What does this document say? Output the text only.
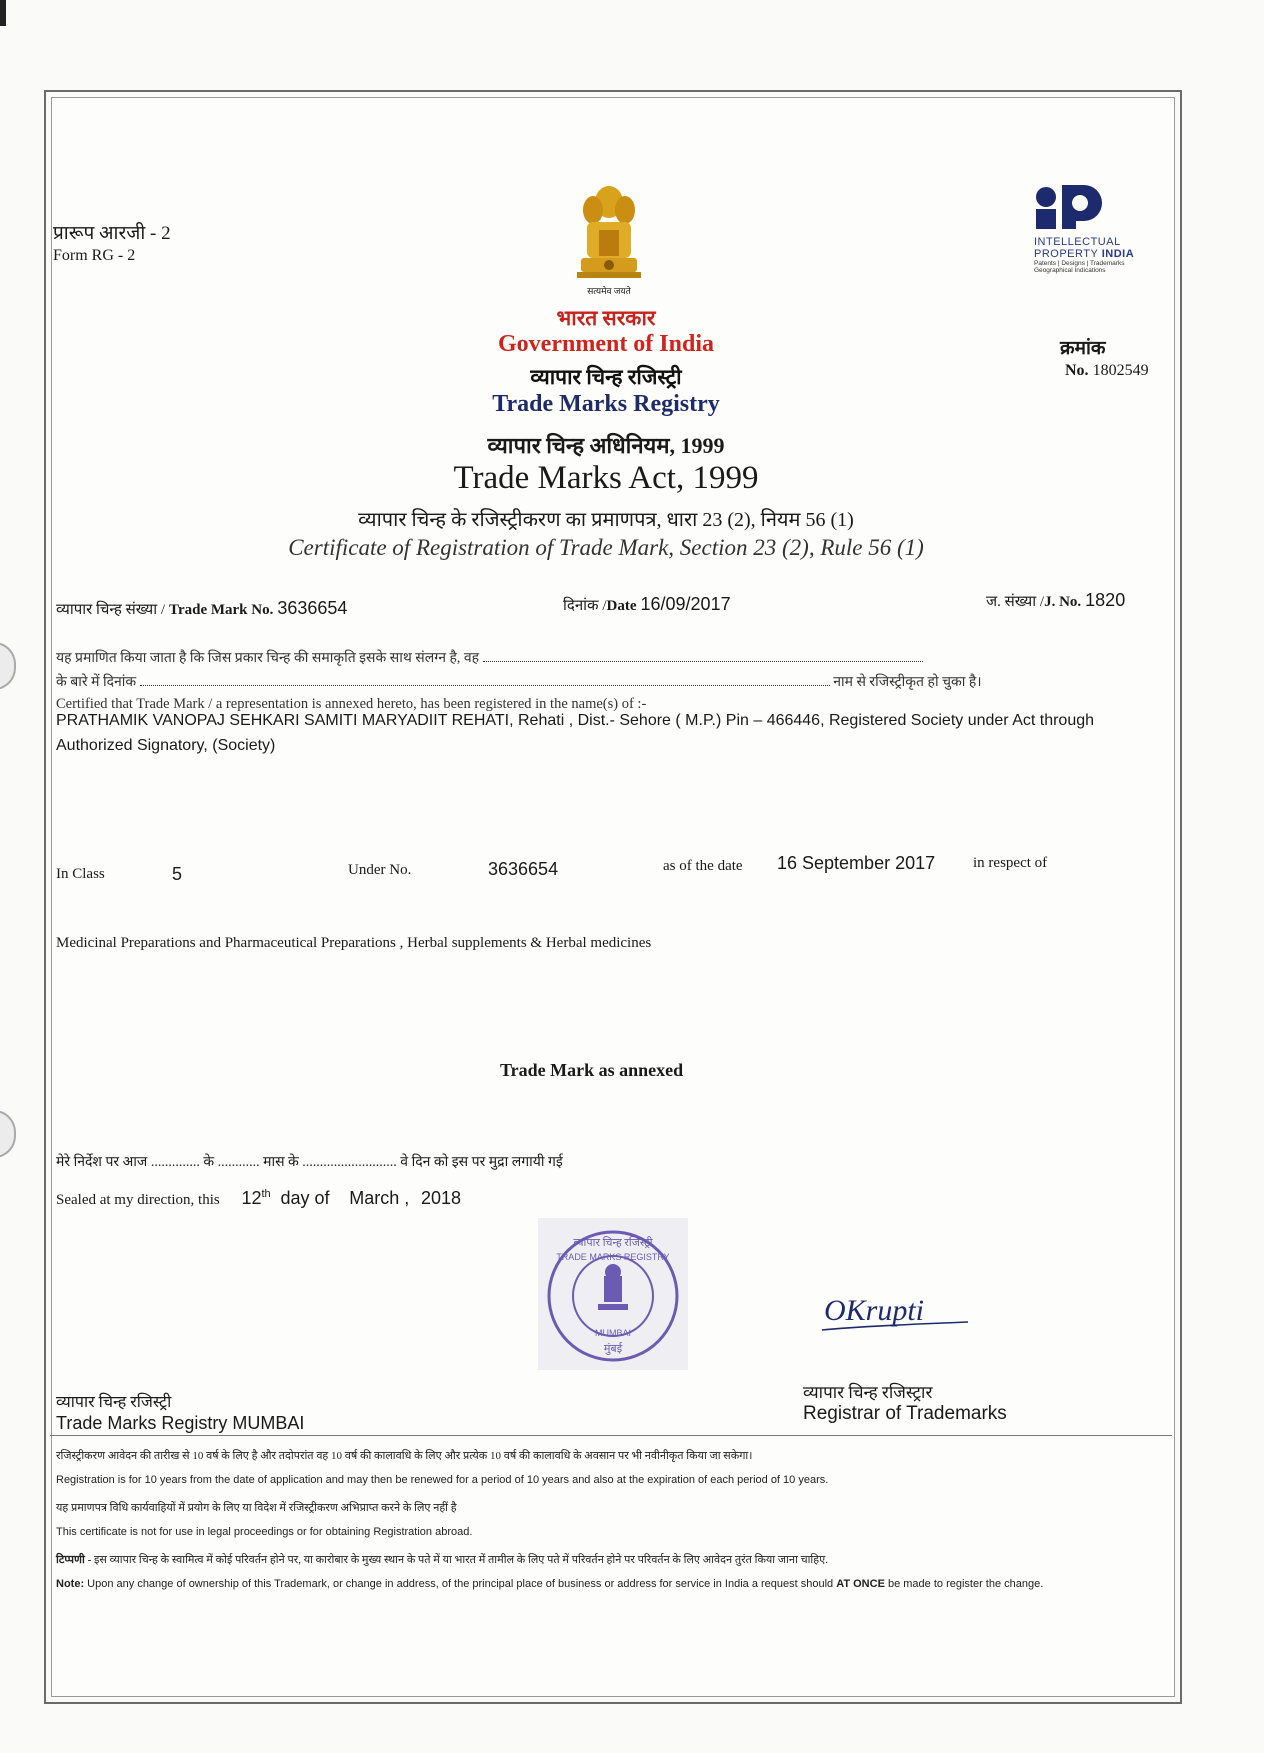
प्रारूप आरजी - 2
Form RG - 2
सत्यमेव जयते
INTELLECTUAL
PROPERTY INDIA
Patents | Designs | Trademarks
Geographical Indications
भारत सरकार
Government of India
व्यापार चिन्ह रजिस्ट्री
Trade Marks Registry
व्यापार चिन्ह अधिनियम, 1999
Trade Marks Act, 1999
व्यापार चिन्ह के रजिस्ट्रीकरण का प्रमाणपत्र, धारा 23 (2), नियम 56 (1)
Certificate of Registration of Trade Mark, Section 23 (2), Rule 56 (1)
क्रमांक
No. 1802549
व्यापार चिन्ह संख्या / Trade Mark No. 3636654	दिनांक /Date 16/09/2017	ज. संख्या /J. No. 1820
यह प्रमाणित किया जाता है कि जिस प्रकार चिन्ह की समाकृति इसके साथ संलग्न है, वह
के बारे में दिनांक	नाम से रजिस्ट्रीकृत हो चुका है।
Certified that Trade Mark / a representation is annexed hereto, has been registered in the name(s) of :-
PRATHAMIK VANOPAJ SEHKARI SAMITI MARYADIIT REHATI, Rehati , Dist.- Sehore ( M.P.) Pin – 466446, Registered Society under Act through Authorized Signatory, (Society)
In Class	5	Under No.	3636654	as of the date 16 September 2017	in respect of
Medicinal Preparations and Pharmaceutical Preparations , Herbal supplements & Herbal medicines
Trade Mark as annexed
मेरे निर्देश पर आज .............. के ............ मास के ........................... वे दिन को इस पर मुद्रा लगायी गई
Sealed at my direction, this 12th day of March , 2018
व्यापार चिन्ह रजिस्ट्री
TRADE MARKS REGISTRY
MUMBAI
मुंबई
OKrupti
व्यापार चिन्ह रजिस्ट्रार
Registrar of Trademarks
व्यापार चिन्ह रजिस्ट्री
Trade Marks Registry MUMBAI
रजिस्ट्रीकरण आवेदन की तारीख से 10 वर्ष के लिए है और तदोपरांत वह 10 वर्ष की कालावधि के लिए और प्रत्येक 10 वर्ष की कालावधि के अवसान पर भी नवीनीकृत किया जा सकेगा।
Registration is for 10 years from the date of application and may then be renewed for a period of 10 years and also at the expiration of each period of 10 years.
यह प्रमाणपत्र विधि कार्यवाहियों में प्रयोग के लिए या विदेश में रजिस्ट्रीकरण अभिप्राप्त करने के लिए नहीं है
This certificate is not for use in legal proceedings or for obtaining Registration abroad.
टिप्पणी - इस व्यापार चिन्ह के स्वामित्व में कोई परिवर्तन होने पर, या कारोबार के मुख्य स्थान के पते में या भारत में तामील के लिए पते में परिवर्तन होने पर परिवर्तन के लिए आवेदन तुरंत किया जाना चाहिए.
Note: Upon any change of ownership of this Trademark, or change in address, of the principal place of business or address for service in India a request should AT ONCE be made to register the change.
